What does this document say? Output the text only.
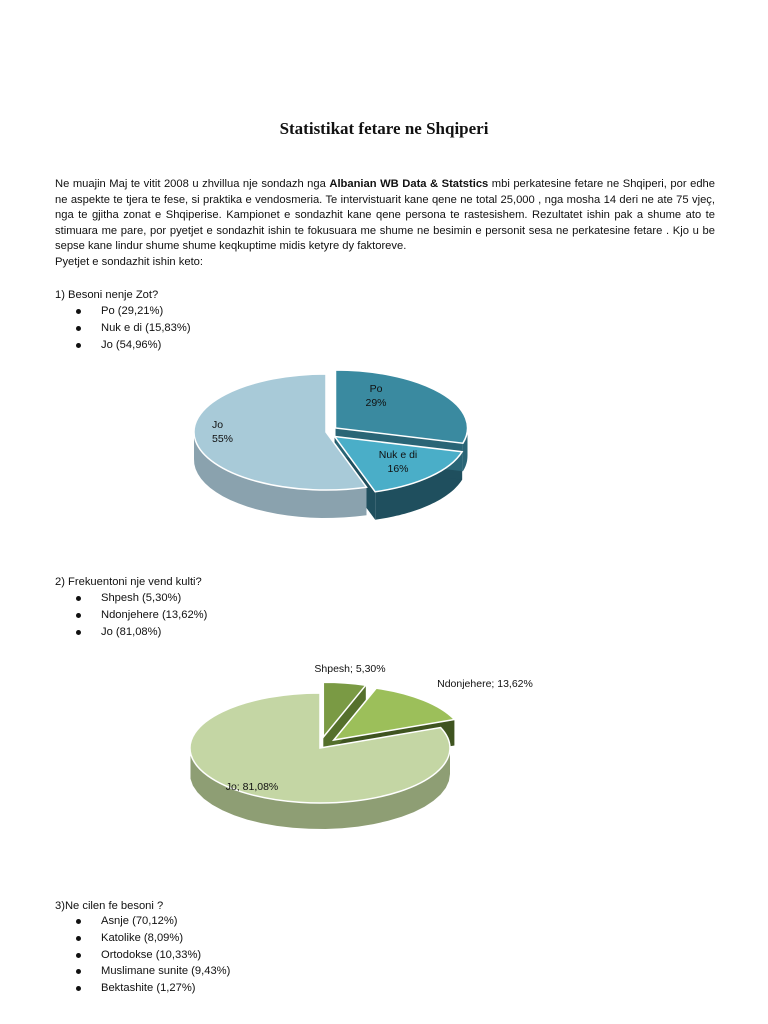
Statistikat fetare ne Shqiperi

Ne muajin Maj te vitit 2008 u zhvillua nje sondazh nga Albanian WB Data & Statstics mbi perkatesine fetare ne Shqiperi, por edhe ne aspekte te tjera te fese, si praktika e vendosmeria. Te intervistuarit kane qene ne total 25,000 , nga mosha 14 deri ne ate 75 vjeç, nga te gjitha zonat e Shqiperise. Kampionet e sondazhit kane qene persona te rastesishem. Rezultatet ishin pak a shume ato te stimuara me pare, por pyetjet e sondazhit ishin te fokusuara me shume ne besimin e personit sesa ne perkatesine fetare . Kjo u be sepse kane lindur shume shume keqkuptime midis ketyre dy faktoreve.

Pyetjet e sondazhit ishin keto:

1) Besoni nenje Zot?

Po (29,21%)
Nuk e di (15,83%)
Jo (54,96%)
Po 29%
Nuk e di 16%
Jo 55%

2) Frekuentoni nje vend kulti?

Shpesh (5,30%)
Ndonjehere (13,62%)
Jo (81,08%)
Shpesh; 5,30%
Ndonjehere; 13,62%
Jo; 81,08%

3)Ne cilen fe besoni ?

Asnje (70,12%)
Katolike (8,09%)
Ortodokse (10,33%)
Muslimane sunite (9,43%)
Bektashite (1,27%)
